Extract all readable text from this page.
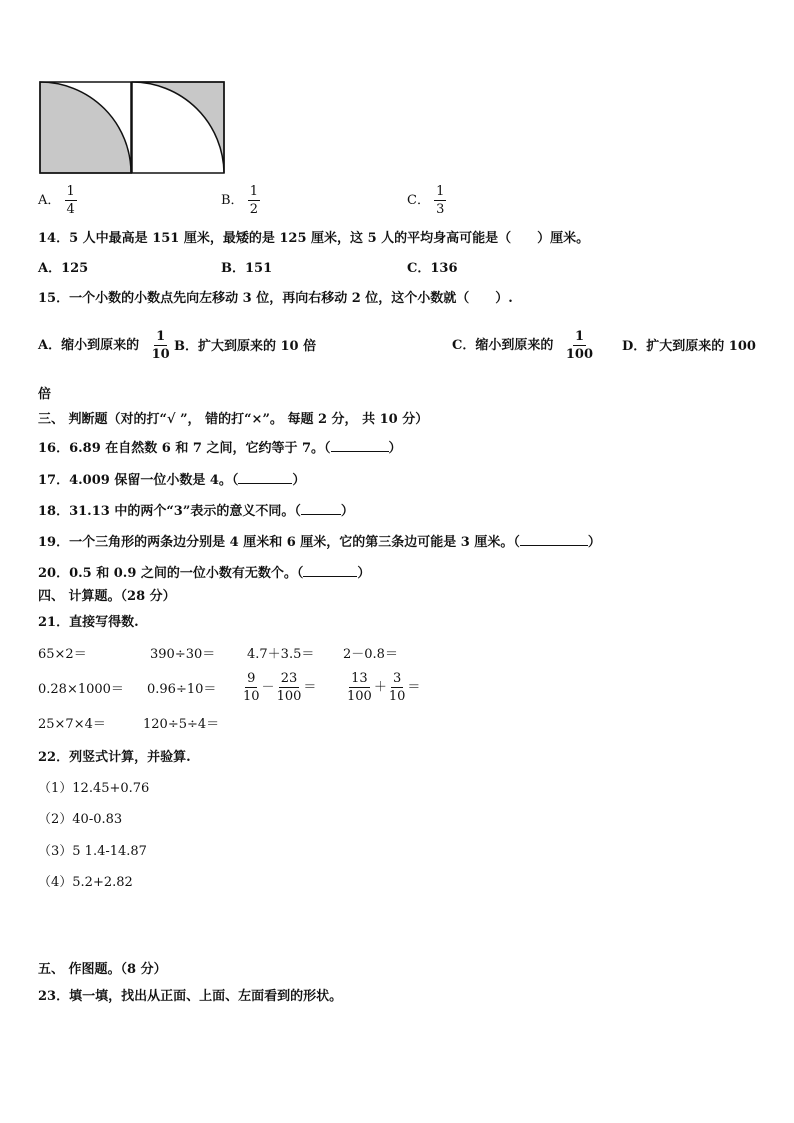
A． $\frac{1}{4}$	B． $\frac{1}{2}$	C． $\frac{1}{3}$
14．5 人中最高是 151 厘米，最矮的是 125 厘米，这 5 人的平均身高可能是（　　）厘米。
A．125	B．151	C．136
15．一个小数的小数点先向左移动 3 位，再向右移动 2 位，这个小数就（　　）.
A．缩小到原来的 $\frac{1}{10}$ B．扩大到原来的 10 倍	C．缩小到原来的 $\frac{1}{100}$ D．扩大到原来的 100
倍
三、 判断题（对的打“√ ”， 错的打“×”。 每题 2 分， 共 10 分）
16．6.89 在自然数 6 和 7 之间，它约等于 7。（	）
17．4.009 保留一位小数是 4。（	）
18．31.13 中的两个“3”表示的意义不同。（	）
19．一个三角形的两条边分别是 4 厘米和 6 厘米，它的第三条边可能是 3 厘米。（	）
20．0.5 和 0.9 之间的一位小数有无数个。（	）
四、 计算题。（28 分）
21．直接写得数.
65×2＝	390÷30＝ 4.7＋3.5＝ 2－0.8＝
$0.28\times 1000= 0.96\div 10= \frac{9}{10} - \frac{23}{100} = \frac{13}{100} + \frac{3}{10}$ ＝
25×7×4＝	120÷5÷4＝
22．列竖式计算，并验算.
（1）12.45+0.76
（2）40-0.83
（3）5 1.4-14.87
（4）5.2+2.82
五、 作图题。（8 分）
23．填一填，找出从正面、上面、左面看到的形状。
